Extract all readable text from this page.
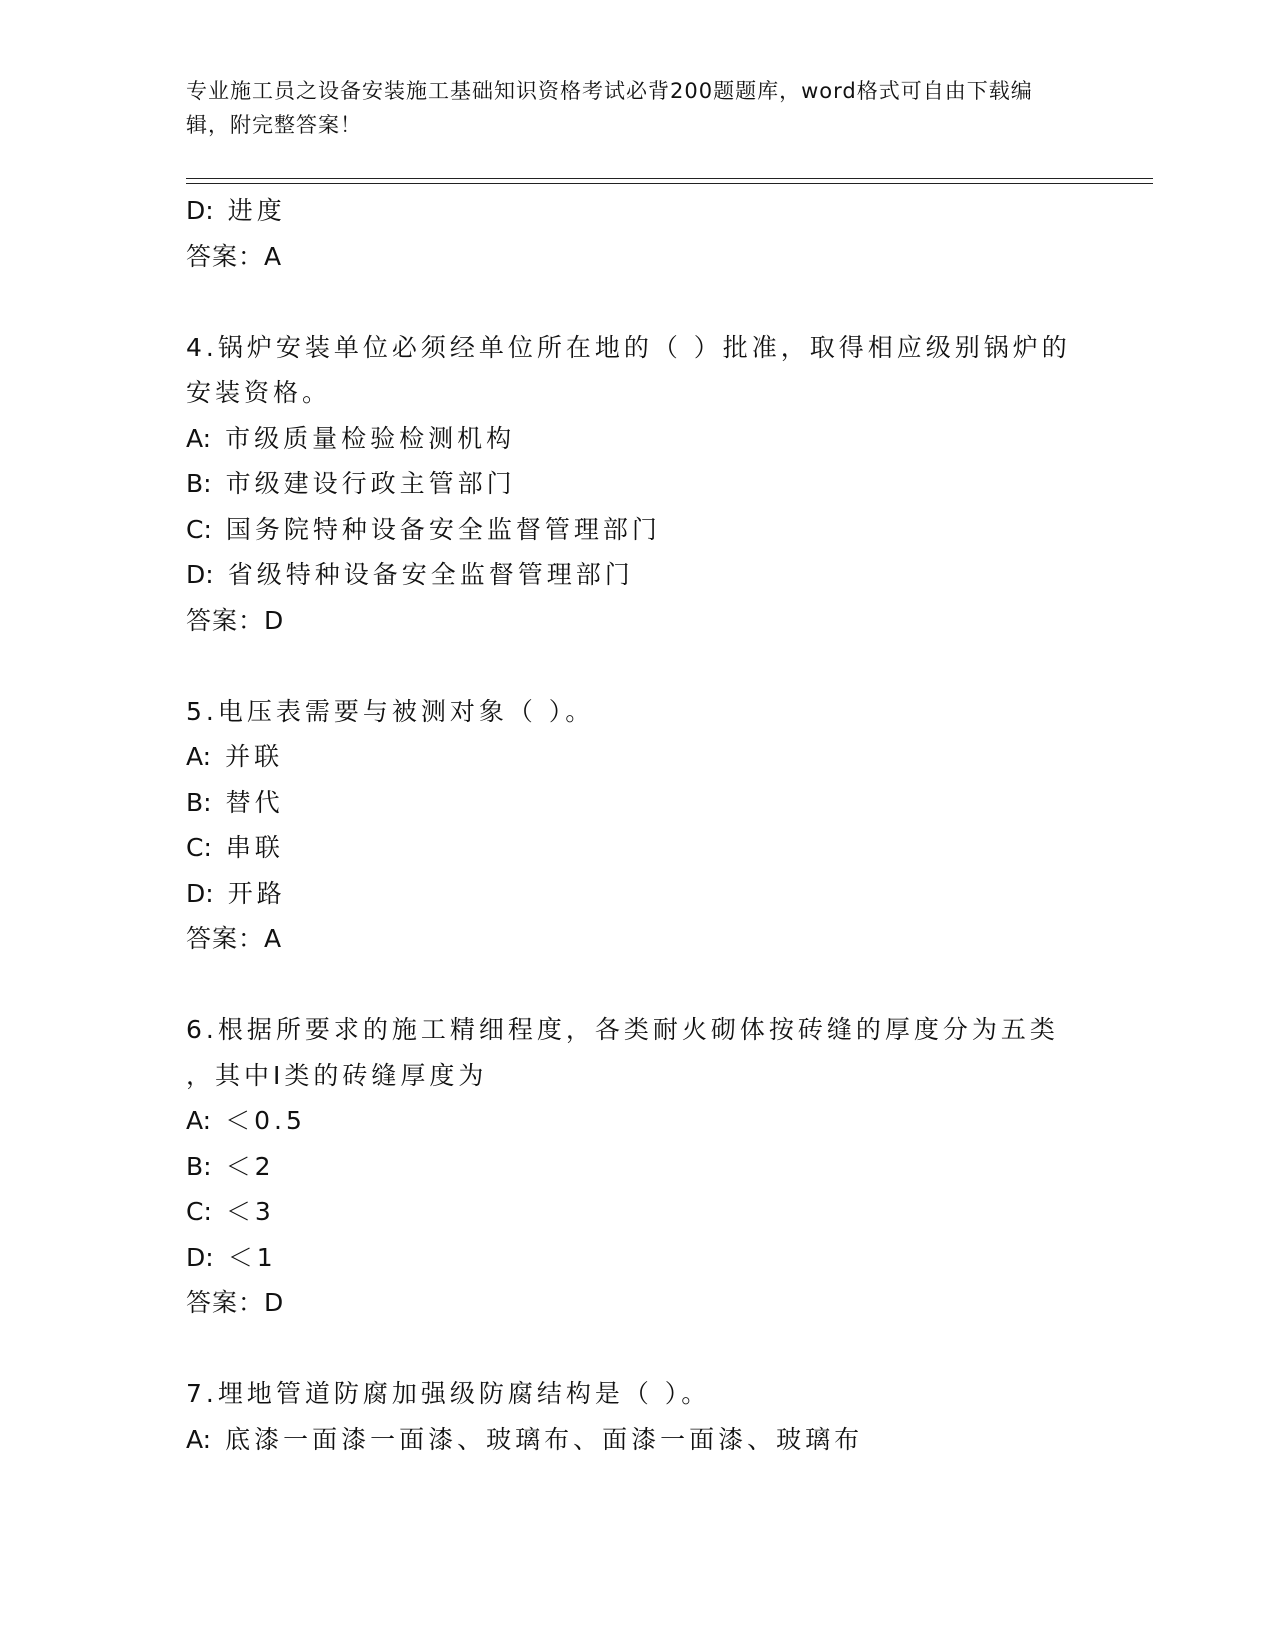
专业施工员之设备安装施工基础知识资格考试必背200题题库，word格式可自由下载编辑，附完整答案！
D: 进度
答案：A
4.锅炉安装单位必须经单位所在地的（ ）批准，取得相应级别锅炉的
安装资格。
A: 市级质量检验检测机构
B: 市级建设行政主管部门
C: 国务院特种设备安全监督管理部门
D: 省级特种设备安全监督管理部门
答案：D
5.电压表需要与被测对象（ ）。
A: 并联
B: 替代
C: 串联
D: 开路
答案：A
6.根据所要求的施工精细程度，各类耐火砌体按砖缝的厚度分为五类
，其中Ⅰ类的砖缝厚度为
A: ＜0.5
B: ＜2
C: ＜3
D: ＜1
答案：D
7.埋地管道防腐加强级防腐结构是（ ）。
A: 底漆一面漆一面漆、玻璃布、面漆一面漆、玻璃布
